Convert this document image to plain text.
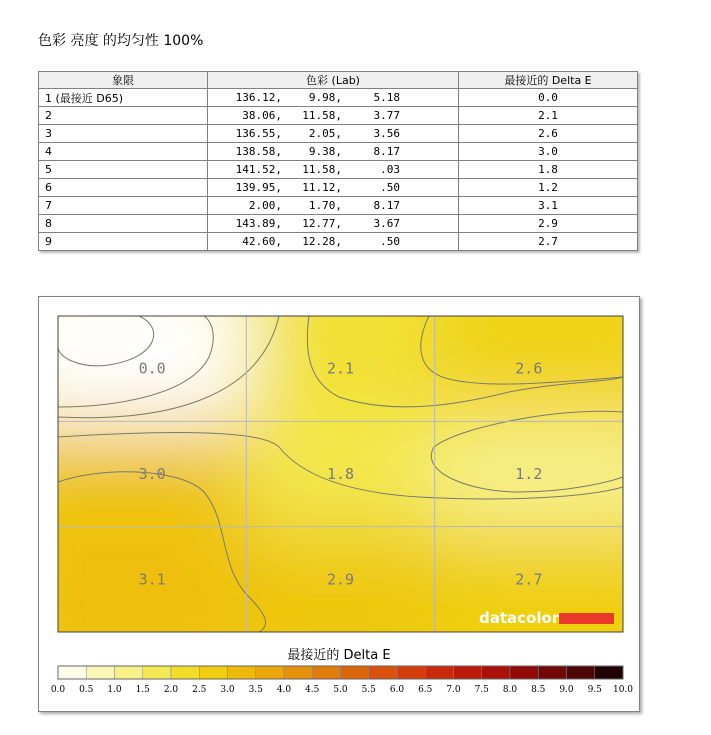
色彩 亮度 的均匀性 100%
象限	色彩 (Lab)	最接近的 Delta E
1 (最接近 D65)	136.12, 9.98, 5.18	0.0
2	38.06, 11.58, 3.77	2.1
3	136.55, 2.05, 3.56	2.6
4	138.58, 9.38, 8.17	3.0
5	141.52, 11.58, .03	1.8
6	139.95, 11.12, .50	1.2
7	2.00, 1.70, 8.17	3.1
8	143.89, 12.77, 3.67	2.9
9	42.60, 12.28, .50	2.7
0.0	2.1	2.6
3.0	1.8	1.2
3.1	2.9	2.7
datacolor
最接近的 Delta E
0.0 0.5 1.0 1.5 2.0 2.5 3.0 3.5 4.0 4.5 5.0 5.5 6.0 6.5 7.0 7.5 8.0 8.5 9.0 9.5 10.0
